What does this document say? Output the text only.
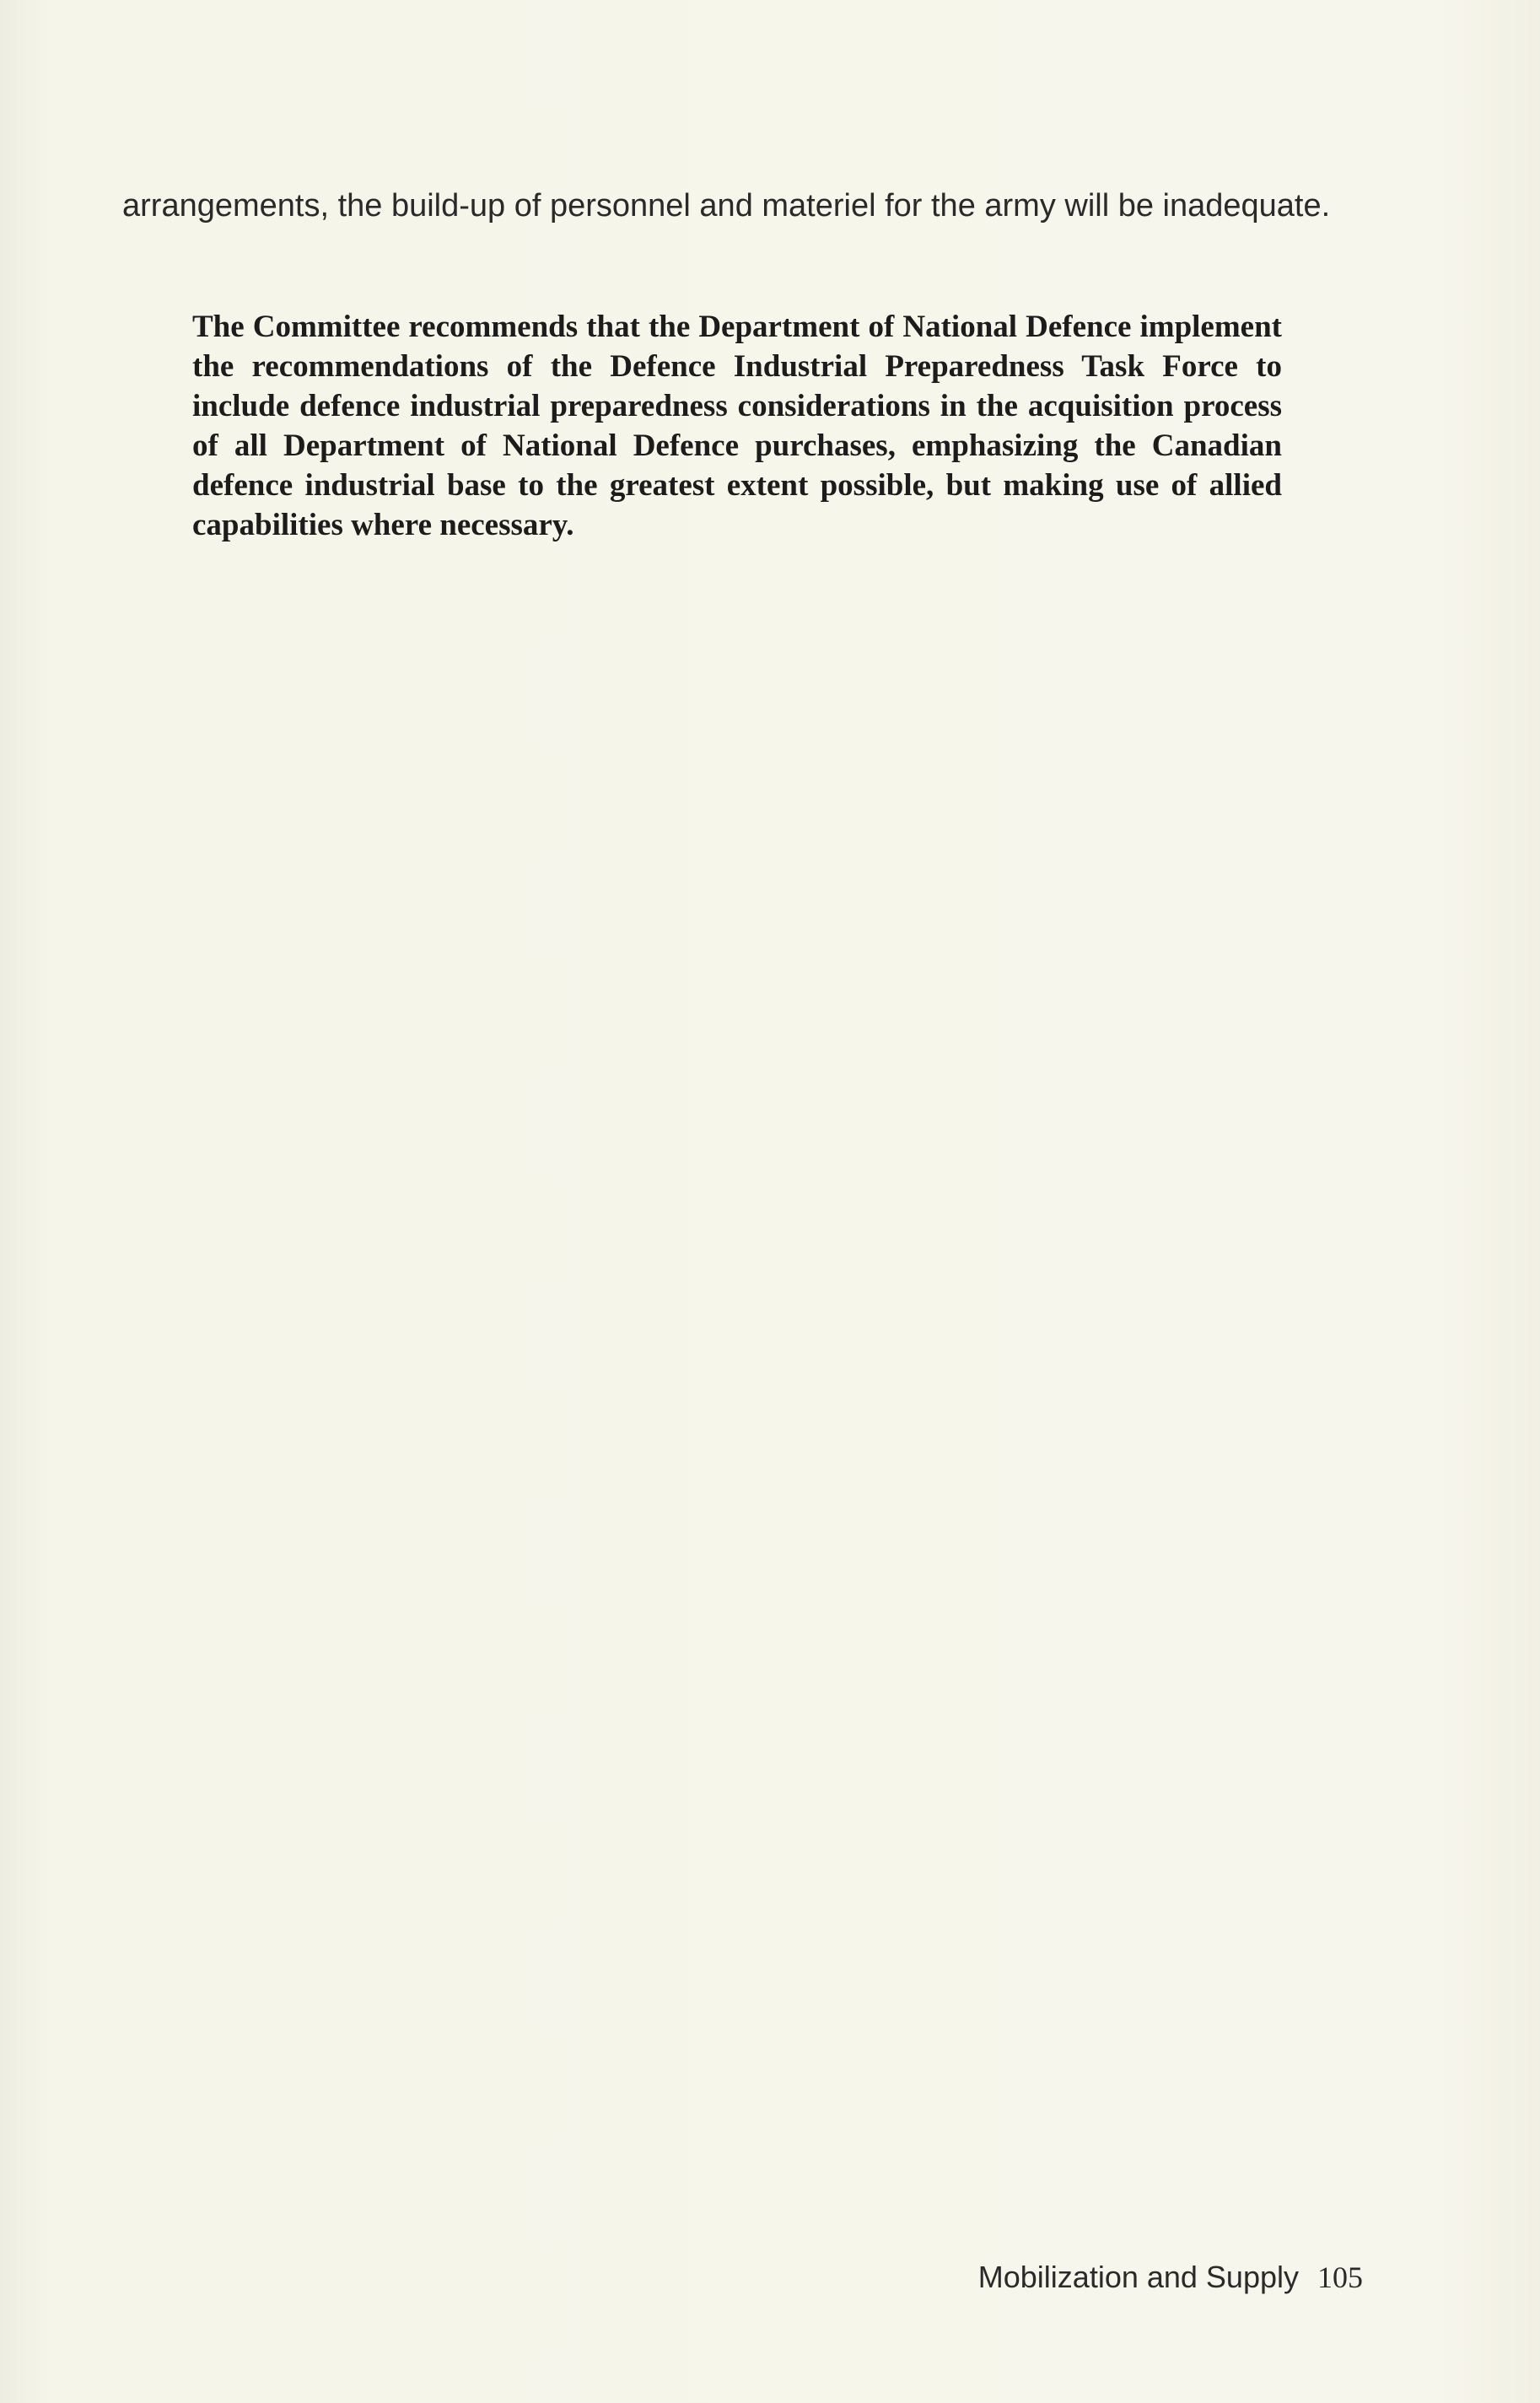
arrangements, the build-up of personnel and materiel for the army will be inadequate.

The Committee recommends that the Department of National Defence implement the recommendations of the Defence Industrial Preparedness Task Force to include defence industrial preparedness considerations in the acquisition process of all Department of National Defence purchases, emphasizing the Canadian defence industrial base to the greatest extent possible, but making use of allied capabilities where necessary.

Mobilization and Supply 105
